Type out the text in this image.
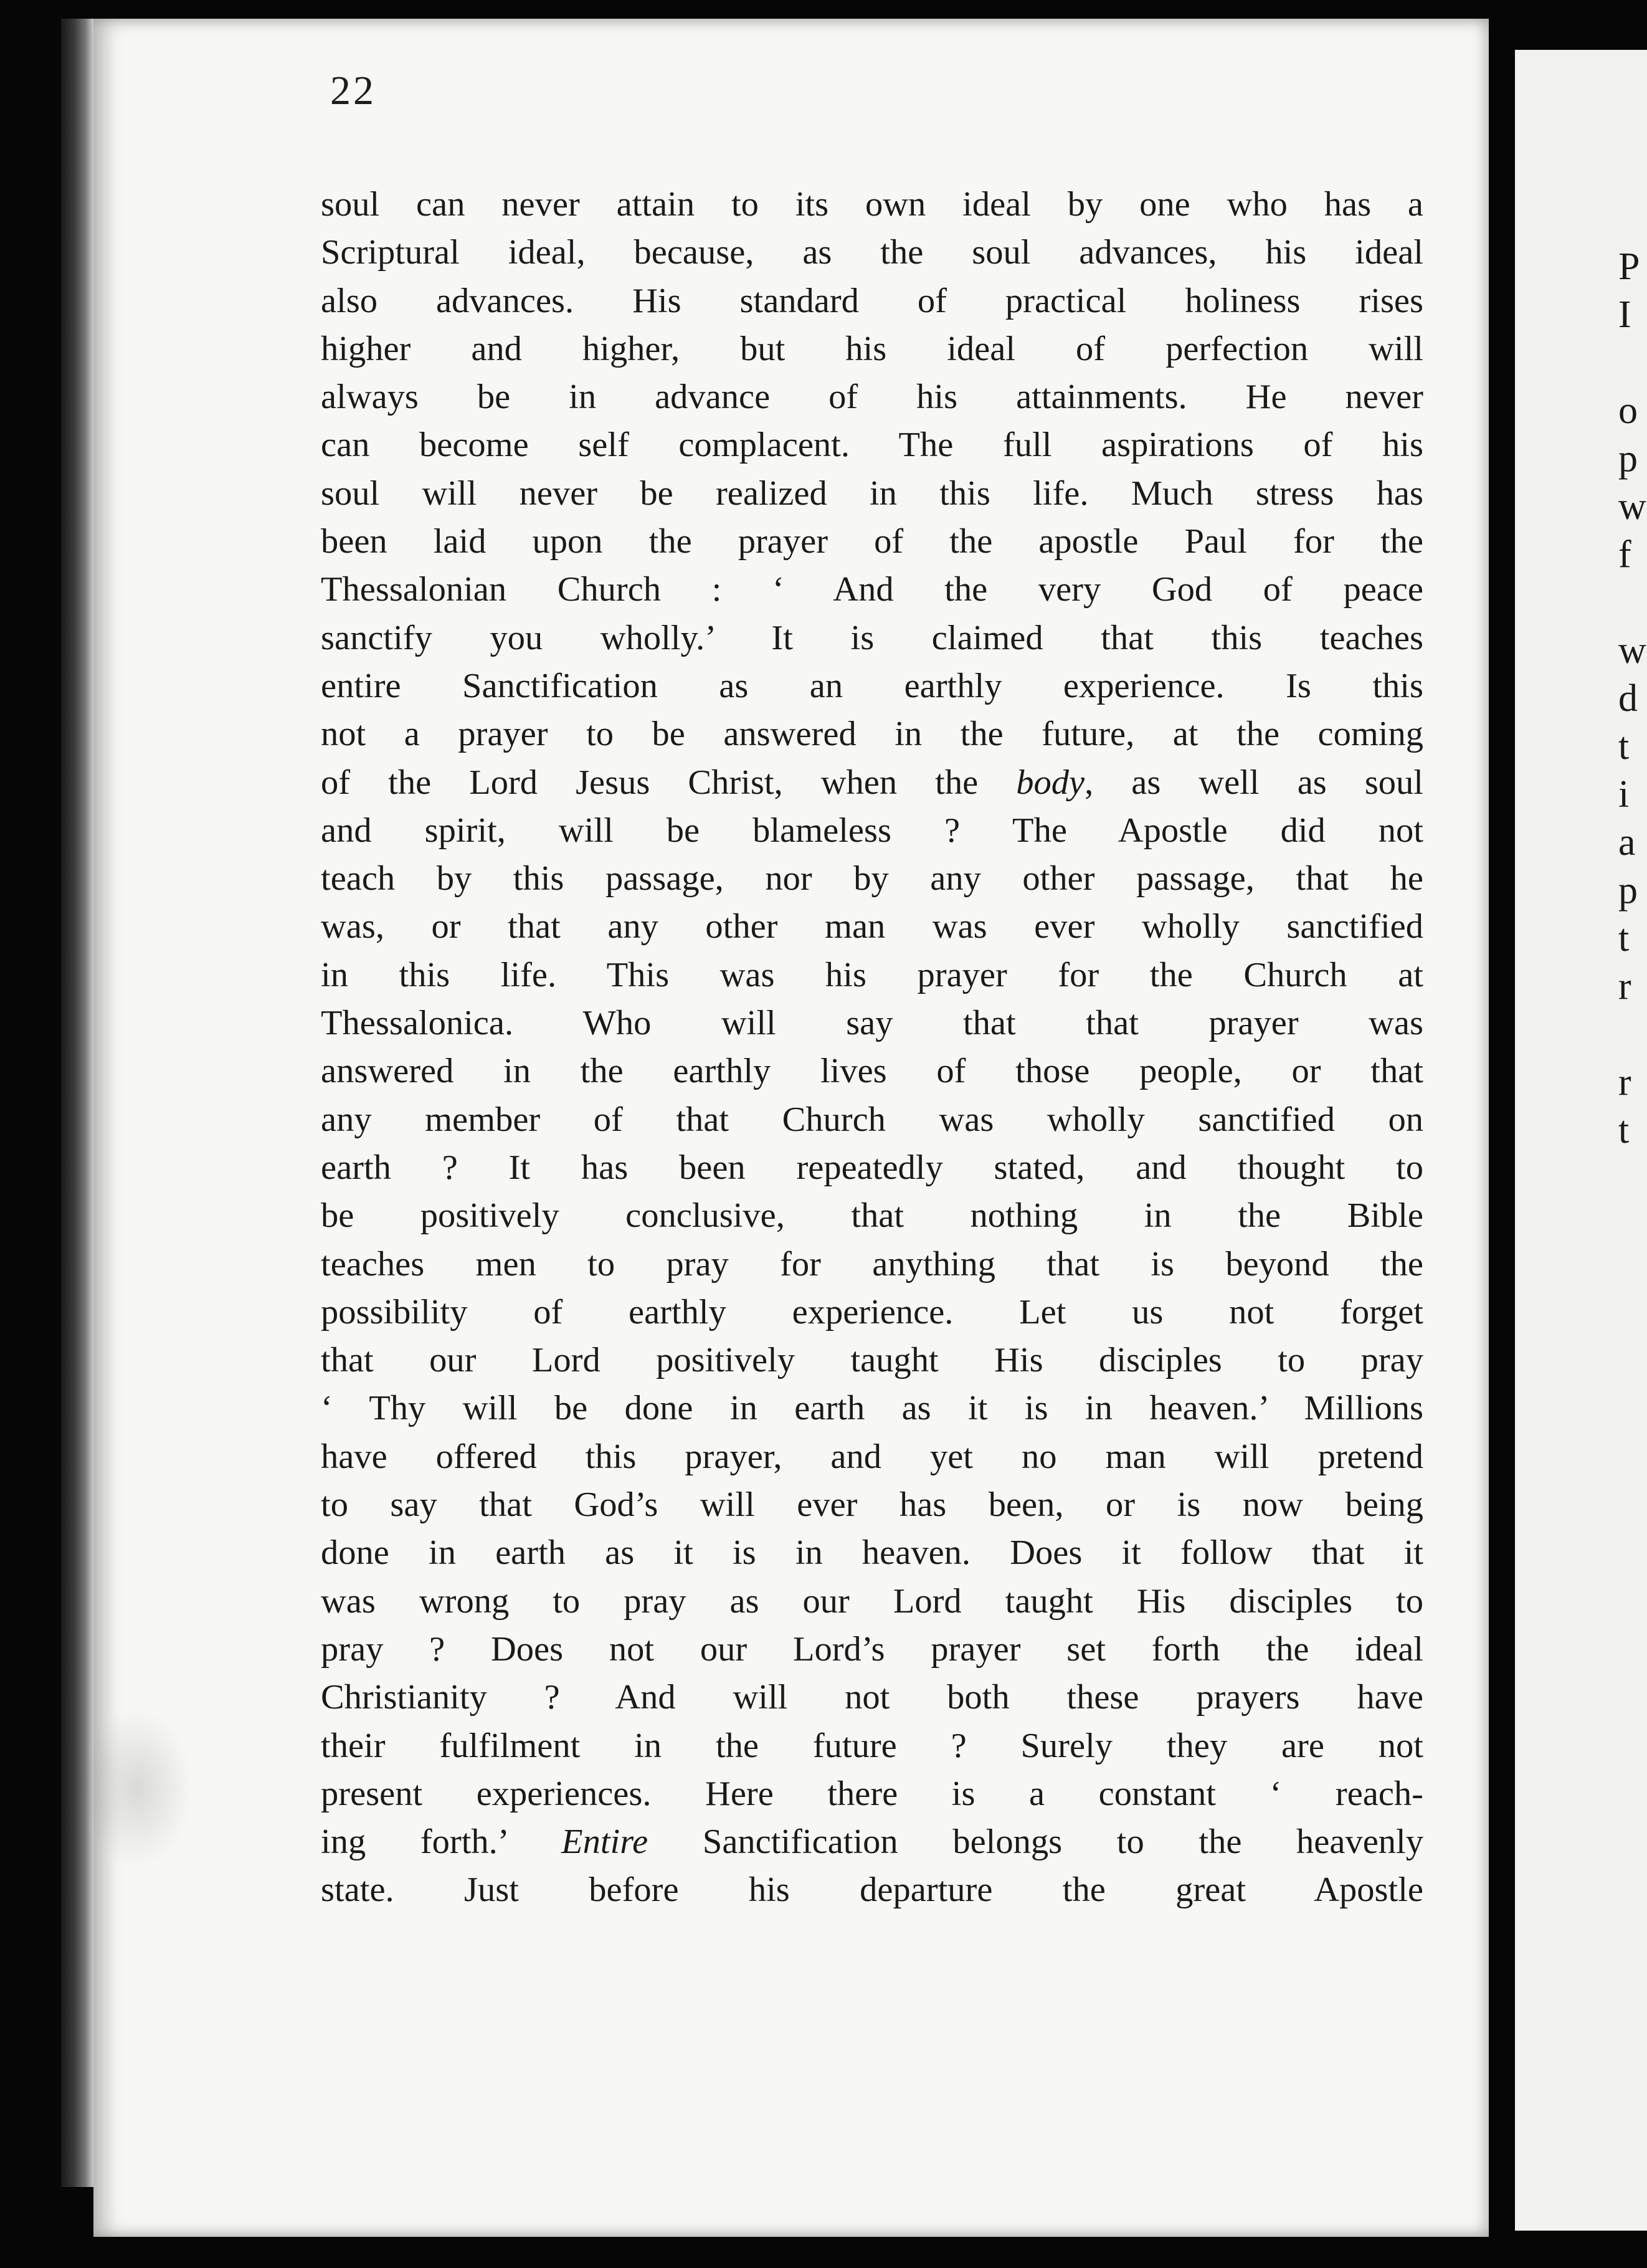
22
soul can never attain to its own ideal by one who has a
Scriptural ideal, because, as the soul advances, his ideal
also advances. His standard of practical holiness rises
higher and higher, but his ideal of perfection will
always be in advance of his attainments. He never
can become self complacent. The full aspirations of his
soul will never be realized in this life. Much stress has
been laid upon the prayer of the apostle Paul for the
Thessalonian Church : ‘ And the very God of peace
sanctify you wholly.’ It is claimed that this teaches
entire Sanctification as an earthly experience. Is this
not a prayer to be answered in the future, at the coming
of the Lord Jesus Christ, when the body, as well as soul
and spirit, will be blameless ? The Apostle did not
teach by this passage, nor by any other passage, that he
was, or that any other man was ever wholly sanctified
in this life. This was his prayer for the Church at
Thessalonica. Who will say that that prayer was
answered in the earthly lives of those people, or that
any member of that Church was wholly sanctified on
earth ? It has been repeatedly stated, and thought to
be positively conclusive, that nothing in the Bible
teaches men to pray for anything that is beyond the
possibility of earthly experience. Let us not forget
that our Lord positively taught His disciples to pray
‘ Thy will be done in earth as it is in heaven.’ Millions
have offered this prayer, and yet no man will pretend
to say that God’s will ever has been, or is now being
done in earth as it is in heaven. Does it follow that it
was wrong to pray as our Lord taught His disciples to
pray ? Does not our Lord’s prayer set forth the ideal
Christianity ? And will not both these prayers have
their fulfilment in the future ? Surely they are not
present experiences. Here there is a constant ‘ reach-
ing forth.’ Entire Sanctification belongs to the heavenly
state. Just before his departure the great Apostle
P
I
o
p
w
f
w
d
t
i
a
p
t
r
r
t
